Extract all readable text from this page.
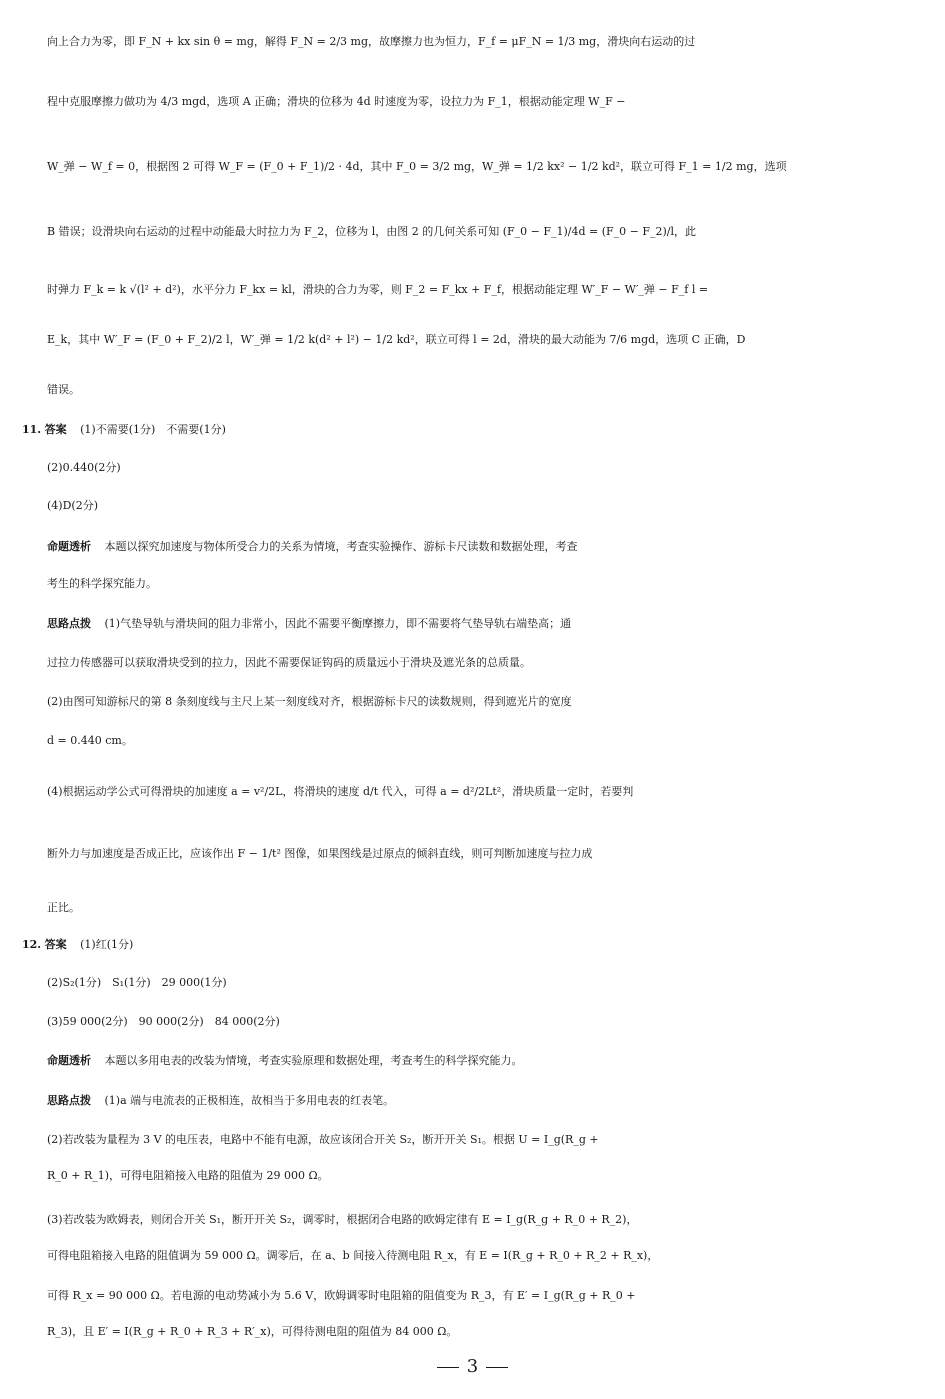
向上合力为零，即 F_N + kx sin θ = mg，解得 F_N = 2/3 mg，故摩擦力也为恒力，F_f = μF_N = 1/3 mg，滑块向右运动的过
程中克服摩擦力做功为 4/3 mgd，选项 A 正确；滑块的位移为 4d 时速度为零，设拉力为 F_1，根据动能定理 W_F −
W_弹 − W_f = 0，根据图 2 可得 W_F = (F_0 + F_1)/2 · 4d，其中 F_0 = 3/2 mg，W_弹 = 1/2 kx² − 1/2 kd²，联立可得 F_1 = 1/2 mg，选项
B 错误；设滑块向右运动的过程中动能最大时拉力为 F_2，位移为 l，由图 2 的几何关系可知 (F_0 − F_1)/4d = (F_0 − F_2)/l，此
时弹力 F_k = k √(l² + d²)，水平分力 F_kx = kl，滑块的合力为零，则 F_2 = F_kx + F_f，根据动能定理 W′_F − W′_弹 − F_f l =
E_k，其中 W′_F = (F_0 + F_2)/2 l，W′_弹 = 1/2 k(d² + l²) − 1/2 kd²，联立可得 l = 2d，滑块的最大动能为 7/6 mgd，选项 C 正确，D
错误。
11. 答案 (1)不需要(1分)　不需要(1分)
(2)0.440(2分)
(4)D(2分)
命题透析 本题以探究加速度与物体所受合力的关系为情境，考查实验操作、游标卡尺读数和数据处理，考查
考生的科学探究能力。
思路点拨 (1)气垫导轨与滑块间的阻力非常小，因此不需要平衡摩擦力，即不需要将气垫导轨右端垫高；通
过拉力传感器可以获取滑块受到的拉力，因此不需要保证钩码的质量远小于滑块及遮光条的总质量。
(2)由图可知游标尺的第 8 条刻度线与主尺上某一刻度线对齐，根据游标卡尺的读数规则，得到遮光片的宽度
d = 0.440 cm。
(4)根据运动学公式可得滑块的加速度 a = v²/2L，将滑块的速度 d/t 代入，可得 a = d²/2Lt²，滑块质量一定时，若要判
断外力与加速度是否成正比，应该作出 F − 1/t² 图像，如果图线是过原点的倾斜直线，则可判断加速度与拉力成
正比。
12. 答案 (1)红(1分)
(2)S₂(1分)　S₁(1分)　29 000(1分)
(3)59 000(2分)　90 000(2分)　84 000(2分)
命题透析 本题以多用电表的改装为情境，考查实验原理和数据处理，考查考生的科学探究能力。
思路点拨 (1)a 端与电流表的正极相连，故相当于多用电表的红表笔。
(2)若改装为量程为 3 V 的电压表，电路中不能有电源，故应该闭合开关 S₂，断开开关 S₁。根据 U = I_g(R_g +
R_0 + R_1)，可得电阻箱接入电路的阻值为 29 000 Ω。
(3)若改装为欧姆表，则闭合开关 S₁，断开开关 S₂，调零时，根据闭合电路的欧姆定律有 E = I_g(R_g + R_0 + R_2)，
可得电阻箱接入电路的阻值调为 59 000 Ω。调零后，在 a、b 间接入待测电阻 R_x，有 E = I(R_g + R_0 + R_2 + R_x)，
可得 R_x = 90 000 Ω。若电源的电动势减小为 5.6 V，欧姆调零时电阻箱的阻值变为 R_3，有 E′ = I_g(R_g + R_0 +
R_3)，且 E′ = I(R_g + R_0 + R_3 + R′_x)，可得待测电阻的阻值为 84 000 Ω。
3
